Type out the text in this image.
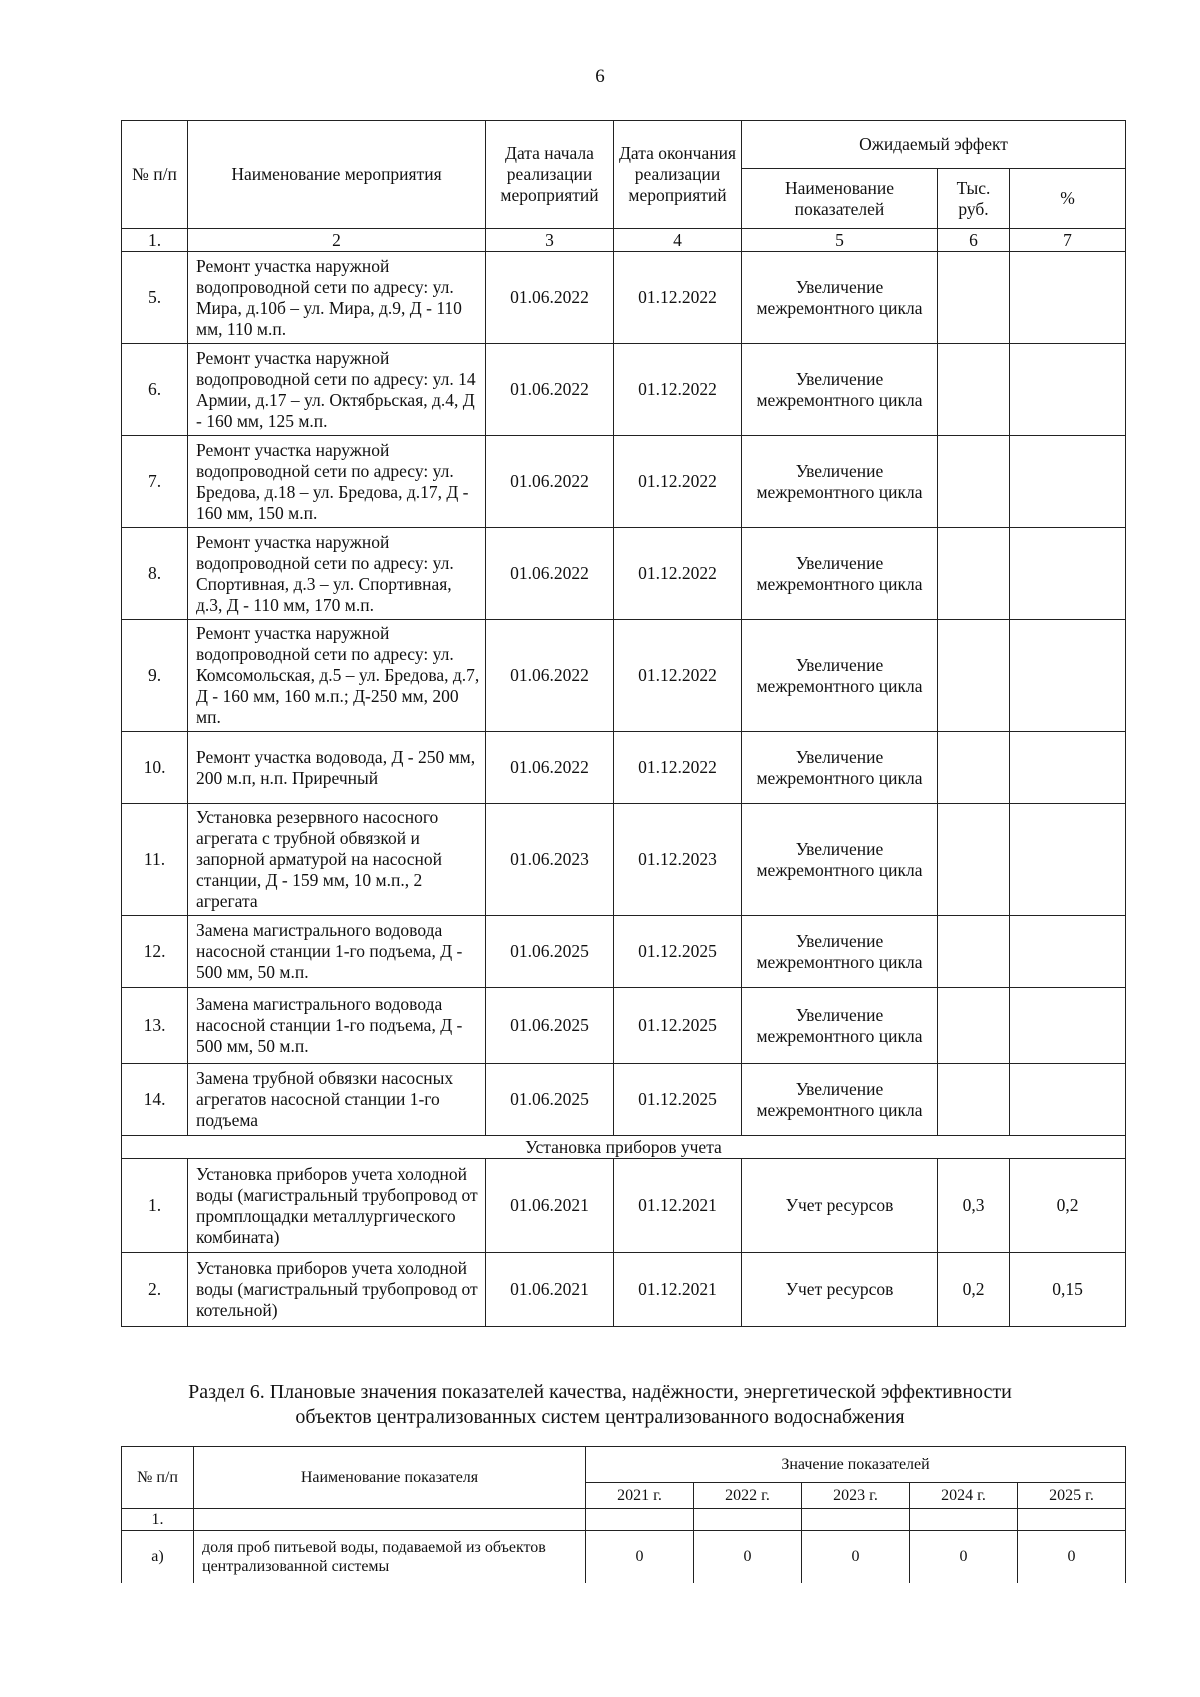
6
№ п/п	Наименование мероприятия	Дата начала реализации мероприятий	Дата окончания реализации мероприятий	Ожидаемый эффект		
				Наименование показателей	Тыс. руб.	%
1.	2	3	4	5	6	7
5.	Ремонт участка наружной водопроводной сети по адресу: ул. Мира, д.10б – ул. Мира, д.9, Д - 110 мм, 110 м.п.	01.06.2022	01.12.2022	Увеличение межремонтного цикла		
6.	Ремонт участка наружной водопроводной сети по адресу: ул. 14 Армии, д.17 – ул. Октябрьская, д.4, Д - 160 мм, 125 м.п.	01.06.2022	01.12.2022	Увеличение межремонтного цикла		
7.	Ремонт участка наружной водопроводной сети по адресу: ул. Бредова, д.18 – ул. Бредова, д.17, Д - 160 мм, 150 м.п.	01.06.2022	01.12.2022	Увеличение межремонтного цикла		
8.	Ремонт участка наружной водопроводной сети по адресу: ул. Спортивная, д.3 – ул. Спортивная, д.3, Д - 110 мм, 170 м.п.	01.06.2022	01.12.2022	Увеличение межремонтного цикла		
9.	Ремонт участка наружной водопроводной сети по адресу: ул. Комсомольская, д.5 – ул. Бредова, д.7, Д - 160 мм, 160 м.п.; Д-250 мм, 200 мп.	01.06.2022	01.12.2022	Увеличение межремонтного цикла		
10.	Ремонт участка водовода, Д - 250 мм, 200 м.п, н.п. Приречный	01.06.2022	01.12.2022	Увеличение межремонтного цикла		
11.	Установка резервного насосного агрегата с трубной обвязкой и запорной арматурой на насосной станции, Д - 159 мм, 10 м.п., 2 агрегата	01.06.2023	01.12.2023	Увеличение межремонтного цикла		
12.	Замена магистрального водовода насосной станции 1-го подъема, Д - 500 мм, 50 м.п.	01.06.2025	01.12.2025	Увеличение межремонтного цикла		
13.	Замена магистрального водовода насосной станции 1-го подъема, Д - 500 мм, 50 м.п.	01.06.2025	01.12.2025	Увеличение межремонтного цикла		
14.	Замена трубной обвязки насосных агрегатов насосной станции 1-го подъема	01.06.2025	01.12.2025	Увеличение межремонтного цикла		
Установка приборов учета						
1.	Установка приборов учета холодной воды (магистральный трубопровод от промплощадки металлургического комбината)	01.06.2021	01.12.2021	Учет ресурсов	0,3	0,2
2.	Установка приборов учета холодной воды (магистральный трубопровод от котельной)	01.06.2021	01.12.2021	Учет ресурсов	0,2	0,15
Раздел 6. Плановые значения показателей качества, надёжности, энергетической эффективности
объектов централизованных систем централизованного водоснабжения
№ п/п	Наименование показателя	Значение показателей				
		2021 г.	2022 г.	2023 г.	2024 г.	2025 г.
1.						
а)	доля проб питьевой воды, подаваемой из объектов централизованной системы	0	0	0	0	0
